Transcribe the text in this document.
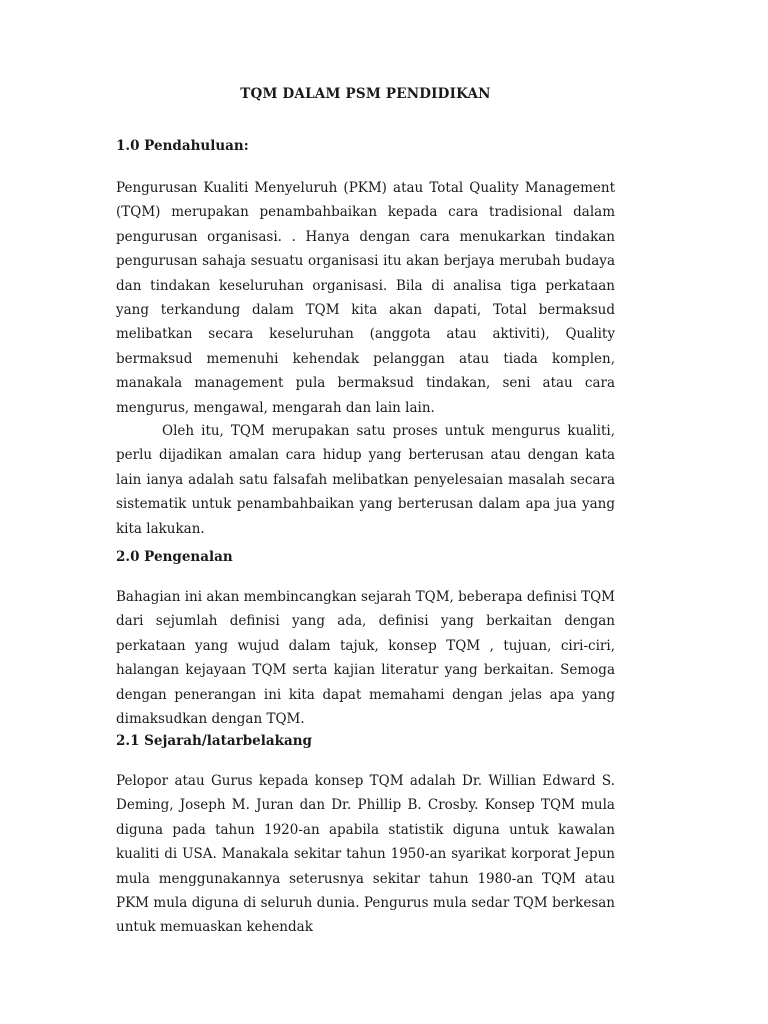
TQM DALAM PSM PENDIDIKAN
1.0 Pendahuluan:

Pengurusan Kualiti Menyeluruh (PKM) atau Total Quality Management (TQM) merupakan penambahbaikan kepada cara tradisional dalam pengurusan organisasi. . Hanya dengan cara menukarkan tindakan pengurusan sahaja sesuatu organisasi itu akan berjaya merubah budaya dan tindakan keseluruhan organisasi. Bila di analisa tiga perkataan yang terkandung dalam TQM kita akan dapati, Total bermaksud melibatkan secara keseluruhan (anggota atau aktiviti), Quality bermaksud memenuhi kehendak pelanggan atau tiada komplen, manakala management pula bermaksud tindakan, seni atau cara mengurus, mengawal, mengarah dan lain lain.

Oleh itu, TQM merupakan satu proses untuk mengurus kualiti, perlu dijadikan amalan cara hidup yang berterusan atau dengan kata lain ianya adalah satu falsafah melibatkan penyelesaian masalah secara sistematik untuk penambahbaikan yang berterusan dalam apa jua yang kita lakukan.

2.0 Pengenalan

Bahagian ini akan membincangkan sejarah TQM, beberapa definisi TQM dari sejumlah definisi yang ada, definisi yang berkaitan dengan perkataan yang wujud dalam tajuk, konsep TQM , tujuan, ciri-ciri, halangan kejayaan TQM serta kajian literatur yang berkaitan. Semoga dengan penerangan ini kita dapat memahami dengan jelas apa yang dimaksudkan dengan TQM.

2.1 Sejarah/latarbelakang

Pelopor atau Gurus kepada konsep TQM adalah Dr. Willian Edward S. Deming, Joseph M. Juran dan Dr. Phillip B. Crosby. Konsep TQM mula diguna pada tahun 1920-an apabila statistik diguna untuk kawalan kualiti di USA. Manakala sekitar tahun 1950-an syarikat korporat Jepun mula menggunakannya seterusnya sekitar tahun 1980-an TQM atau PKM mula diguna di seluruh dunia. Pengurus mula sedar TQM berkesan untuk memuaskan kehendak
